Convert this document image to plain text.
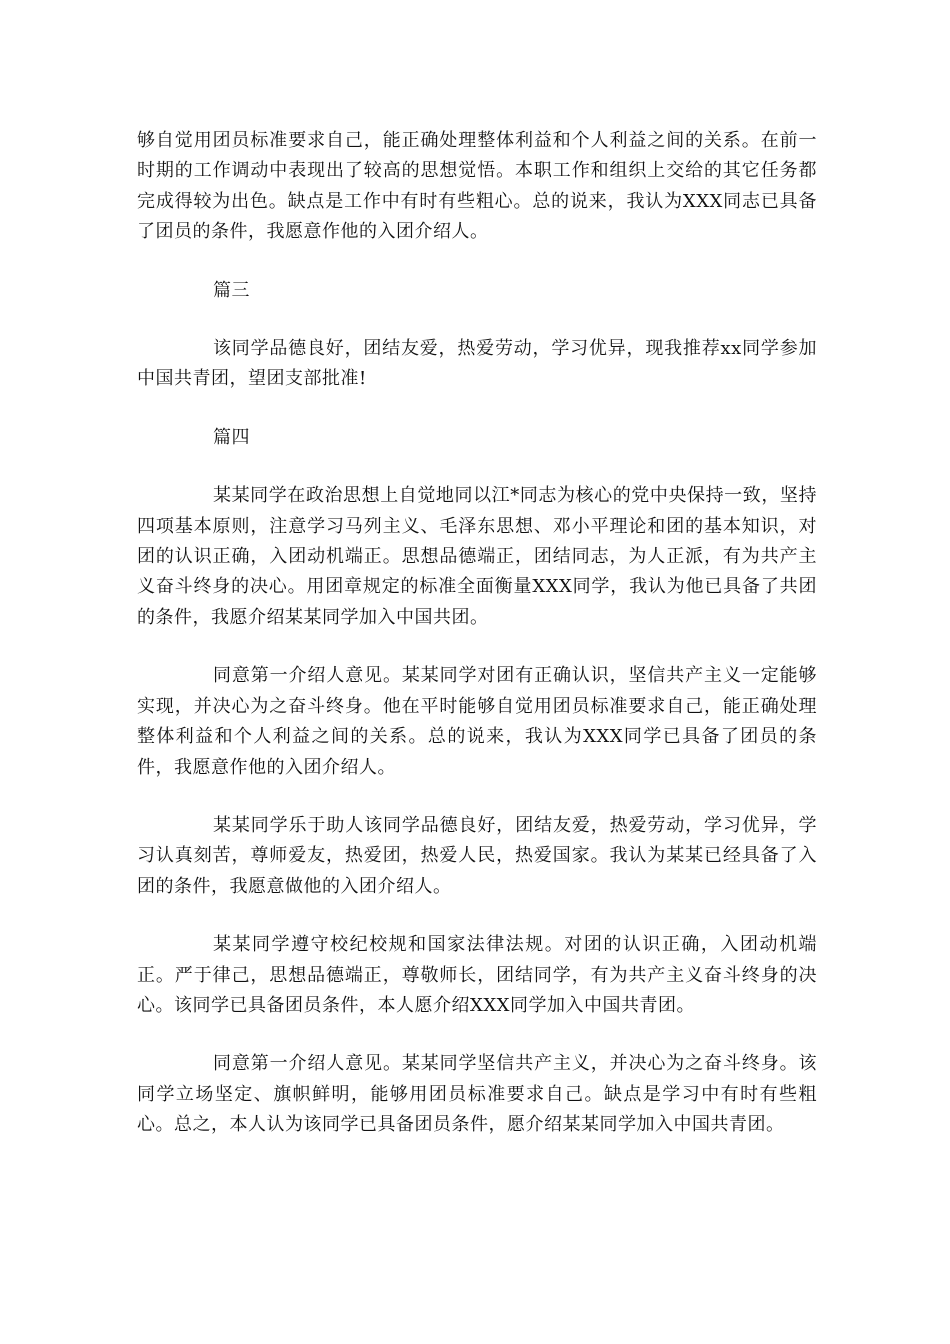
够自觉用团员标准要求自己，能正确处理整体利益和个人利益之间的关系。在前一时期的工作调动中表现出了较高的思想觉悟。本职工作和组织上交给的其它任务都完成得较为出色。缺点是工作中有时有些粗心。总的说来，我认为XXX同志已具备了团员的条件，我愿意作他的入团介绍人。

篇三

该同学品德良好，团结友爱，热爱劳动，学习优异，现我推荐xx同学参加中国共青团，望团支部批准!

篇四

某某同学在政治思想上自觉地同以江*同志为核心的党中央保持一致，坚持四项基本原则，注意学习马列主义、毛泽东思想、邓小平理论和团的基本知识，对团的认识正确，入团动机端正。思想品德端正，团结同志，为人正派，有为共产主义奋斗终身的决心。用团章规定的标准全面衡量XXX同学，我认为他已具备了共团的条件，我愿介绍某某同学加入中国共团。

同意第一介绍人意见。某某同学对团有正确认识，坚信共产主义一定能够实现，并决心为之奋斗终身。他在平时能够自觉用团员标准要求自己，能正确处理整体利益和个人利益之间的关系。总的说来，我认为XXX同学已具备了团员的条件，我愿意作他的入团介绍人。

某某同学乐于助人该同学品德良好，团结友爱，热爱劳动，学习优异，学习认真刻苦，尊师爱友，热爱团，热爱人民，热爱国家。我认为某某已经具备了入团的条件，我愿意做他的入团介绍人。

某某同学遵守校纪校规和国家法律法规。对团的认识正确，入团动机端正。严于律己，思想品德端正，尊敬师长，团结同学，有为共产主义奋斗终身的决心。该同学已具备团员条件，本人愿介绍XXX同学加入中国共青团。

同意第一介绍人意见。某某同学坚信共产主义，并决心为之奋斗终身。该同学立场坚定、旗帜鲜明，能够用团员标准要求自己。缺点是学习中有时有些粗心。总之，本人认为该同学已具备团员条件，愿介绍某某同学加入中国共青团。
